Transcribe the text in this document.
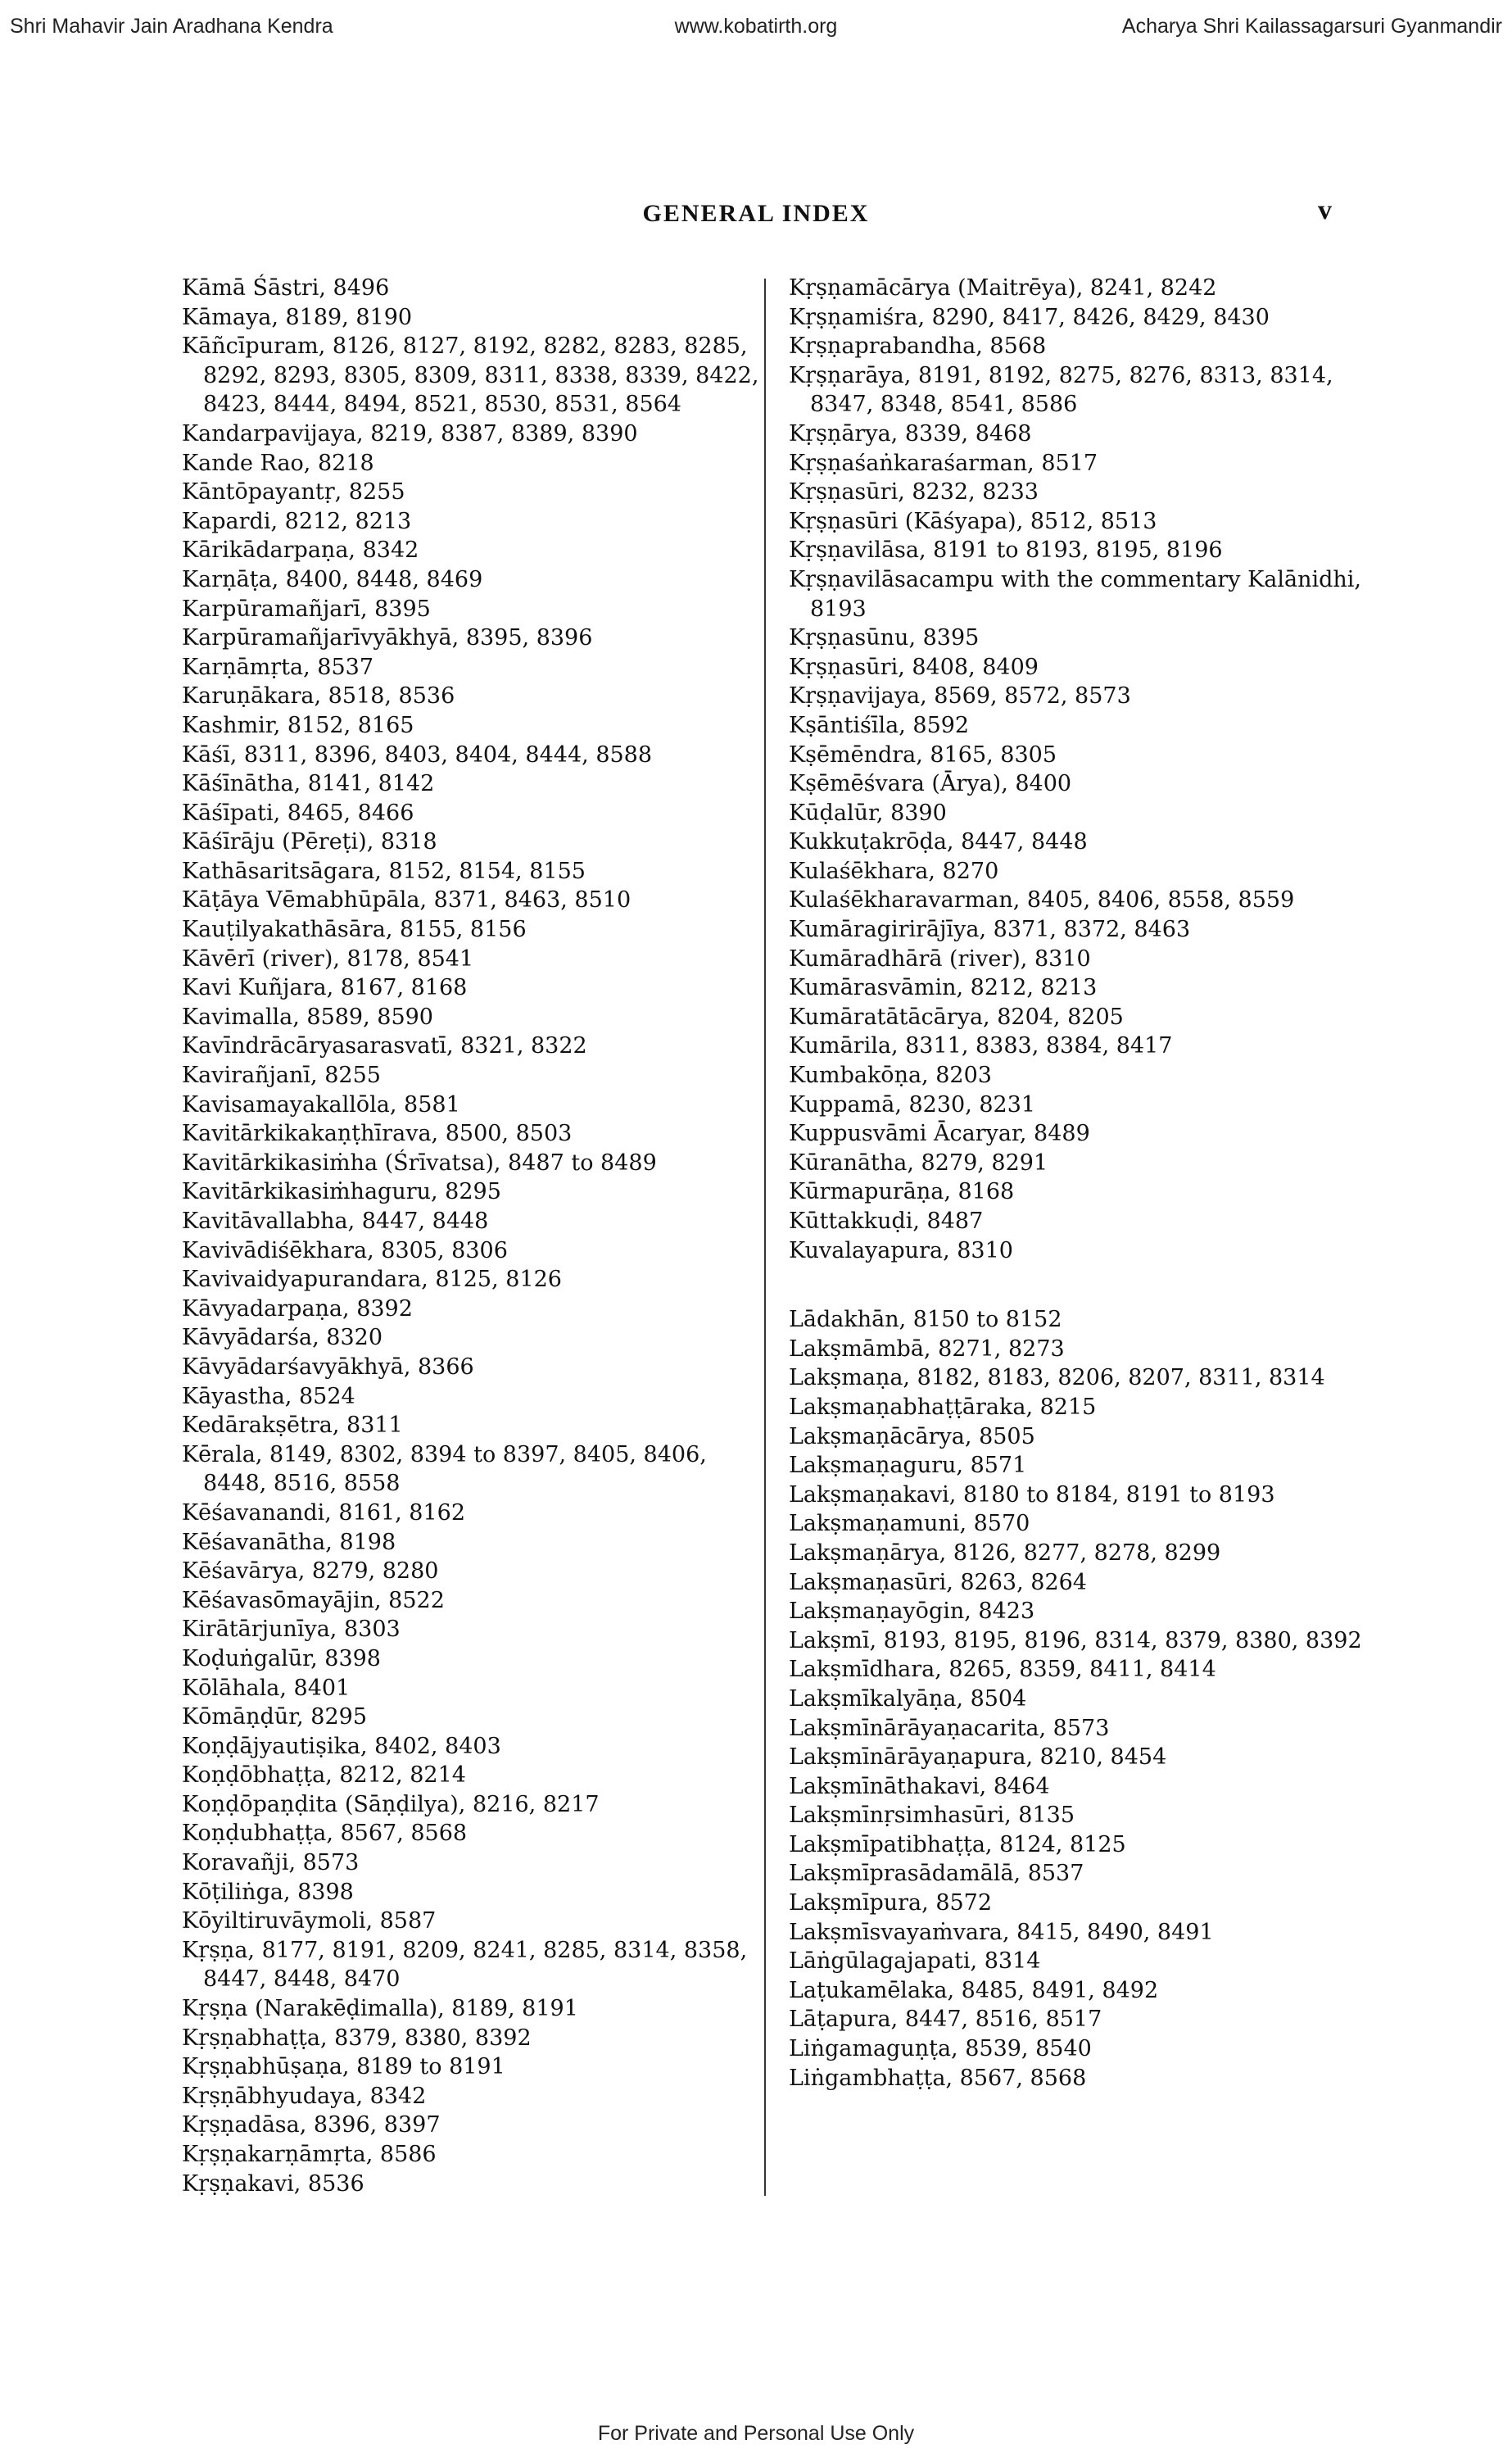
Shri Mahavir Jain Aradhana Kendra	www.kobatirth.org	Acharya Shri Kailassagarsuri Gyanmandir
GENERAL INDEX	v

Kāmā Śāstri, 8496

Kāmaya, 8189, 8190

Kāñcīpuram, 8126, 8127, 8192, 8282, 8283, 8285, 8292, 8293, 8305, 8309, 8311, 8338, 8339, 8422, 8423, 8444, 8494, 8521, 8530, 8531, 8564

Kandarpavijaya, 8219, 8387, 8389, 8390

Kande Rao, 8218

Kāntōpayantṛ, 8255

Kapardi, 8212, 8213

Kārikādarpaṇa, 8342

Karṇāṭa, 8400, 8448, 8469

Karpūramañjarī, 8395

Karpūramañjarīvyākhyā, 8395, 8396

Karṇāmṛta, 8537

Karuṇākara, 8518, 8536

Kashmir, 8152, 8165

Kāśī, 8311, 8396, 8403, 8404, 8444, 8588

Kāśīnātha, 8141, 8142

Kāśīpati, 8465, 8466

Kāśīrāju (Pēreṭi), 8318

Kathāsaritsāgara, 8152, 8154, 8155

Kāṭāya Vēmabhūpāla, 8371, 8463, 8510

Kauṭilyakathāsāra, 8155, 8156

Kāvērī (river), 8178, 8541

Kavi Kuñjara, 8167, 8168

Kavimalla, 8589, 8590

Kavīndrācāryasarasvatī, 8321, 8322

Kavirañjanī, 8255

Kavisamayakallōla, 8581

Kavitārkikakaṇṭhīrava, 8500, 8503

Kavitārkikasiṁha (Śrīvatsa), 8487 to 8489

Kavitārkikasiṁhaguru, 8295

Kavitāvallabha, 8447, 8448

Kavivādiśēkhara, 8305, 8306

Kavivaidyapurandara, 8125, 8126

Kāvyadarpaṇa, 8392

Kāvyādarśa, 8320

Kāvyādarśavyākhyā, 8366

Kāyastha, 8524

Kedārakṣētra, 8311

Kērala, 8149, 8302, 8394 to 8397, 8405, 8406, 8448, 8516, 8558

Kēśavanandi, 8161, 8162

Kēśavanātha, 8198

Kēśavārya, 8279, 8280

Kēśavasōmayājin, 8522

Kirātārjunīya, 8303

Koḍuṅgalūr, 8398

Kōlāhala, 8401

Kōmāṇḍūr, 8295

Koṇḍājyautiṣika, 8402, 8403

Koṇḍōbhaṭṭa, 8212, 8214

Koṇḍōpaṇḍita (Sāṇḍilya), 8216, 8217

Koṇḍubhaṭṭa, 8567, 8568

Koravañji, 8573

Kōṭiliṅga, 8398

Kōyiltiruvāymoli, 8587

Kṛṣṇa, 8177, 8191, 8209, 8241, 8285, 8314, 8358, 8447, 8448, 8470

Kṛṣṇa (Narakēḍimalla), 8189, 8191

Kṛṣṇabhaṭṭa, 8379, 8380, 8392

Kṛṣṇabhūṣaṇa, 8189 to 8191

Kṛṣṇābhyudaya, 8342

Kṛṣṇadāsa, 8396, 8397

Kṛṣṇakarṇāmṛta, 8586

Kṛṣṇakavi, 8536

Kṛṣṇamācārya (Maitrēya), 8241, 8242

Kṛṣṇamiśra, 8290, 8417, 8426, 8429, 8430

Kṛṣṇaprabandha, 8568

Kṛṣṇarāya, 8191, 8192, 8275, 8276, 8313, 8314, 8347, 8348, 8541, 8586

Kṛṣṇārya, 8339, 8468

Kṛṣṇaśaṅkaraśarman, 8517

Kṛṣṇasūri, 8232, 8233

Kṛṣṇasūri (Kāśyapa), 8512, 8513

Kṛṣṇavilāsa, 8191 to 8193, 8195, 8196

Kṛṣṇavilāsacampu with the commentary Kalānidhi, 8193

Kṛṣṇasūnu, 8395

Kṛṣṇasūri, 8408, 8409

Kṛṣṇavijaya, 8569, 8572, 8573

Kṣāntiśīla, 8592

Kṣēmēndra, 8165, 8305

Kṣēmēśvara (Ārya), 8400

Kūḍalūr, 8390

Kukkuṭakrōḍa, 8447, 8448

Kulaśēkhara, 8270

Kulaśēkharavarman, 8405, 8406, 8558, 8559

Kumāragirirājīya, 8371, 8372, 8463

Kumāradhārā (river), 8310

Kumārasvāmin, 8212, 8213

Kumāratātācārya, 8204, 8205

Kumārila, 8311, 8383, 8384, 8417

Kumbakōṇa, 8203

Kuppamā, 8230, 8231

Kuppusvāmi Ācaryar, 8489

Kūranātha, 8279, 8291

Kūrmapurāṇa, 8168

Kūttakkuḍi, 8487

Kuvalayapura, 8310

Lādakhān, 8150 to 8152

Lakṣmāmbā, 8271, 8273

Lakṣmaṇa, 8182, 8183, 8206, 8207, 8311, 8314

Lakṣmaṇabhaṭṭāraka, 8215

Lakṣmaṇācārya, 8505

Lakṣmaṇaguru, 8571

Lakṣmaṇakavi, 8180 to 8184, 8191 to 8193

Lakṣmaṇamuni, 8570

Lakṣmaṇārya, 8126, 8277, 8278, 8299

Lakṣmaṇasūri, 8263, 8264

Lakṣmaṇayōgin, 8423

Lakṣmī, 8193, 8195, 8196, 8314, 8379, 8380, 8392

Lakṣmīdhara, 8265, 8359, 8411, 8414

Lakṣmīkalyāṇa, 8504

Lakṣmīnārāyaṇacarita, 8573

Lakṣmīnārāyaṇapura, 8210, 8454

Lakṣmīnāthakavi, 8464

Lakṣmīnṛsimhasūri, 8135

Lakṣmīpatibhaṭṭa, 8124, 8125

Lakṣmīprasādamālā, 8537

Lakṣmīpura, 8572

Lakṣmīsvayaṁvara, 8415, 8490, 8491

Lāṅgūlagajapati, 8314

Laṭukamēlaka, 8485, 8491, 8492

Lāṭapura, 8447, 8516, 8517

Liṅgamaguṇṭa, 8539, 8540

Liṅgambhaṭṭa, 8567, 8568

For Private and Personal Use Only
